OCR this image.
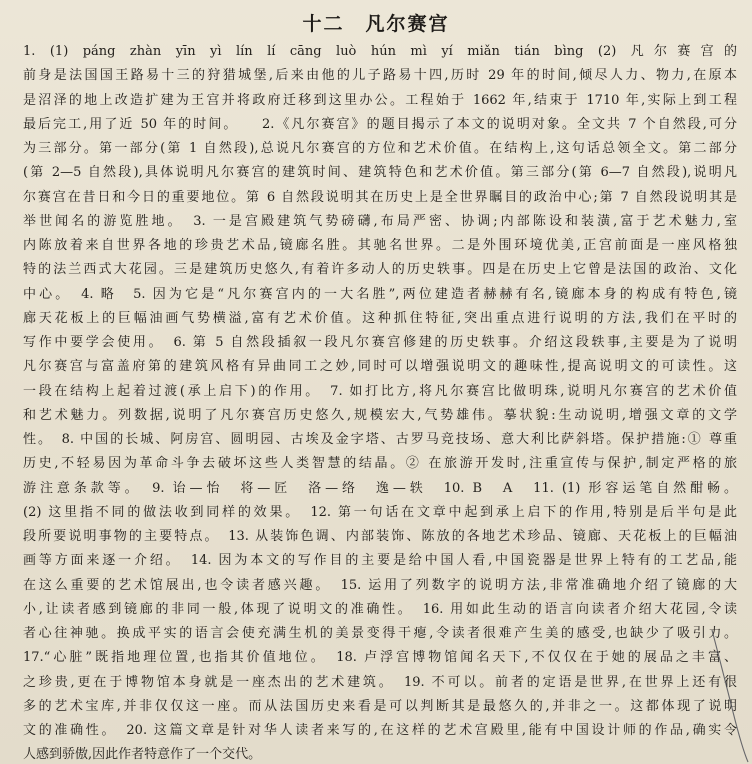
十二　凡尔赛宫
1. (1) páng zhàn yīn yì lín lí cāng luò hún mì yí miǎn tián bìng (2) 凡尔赛宫的
前身是法国国王路易十三的狩猎城堡,后来由他的儿子路易十四,历时 29 年的时间,倾尽人力、物力,在原本
是沼泽的地上改造扩建为王宫并将政府迁移到这里办公。工程始于 1662 年,结束于 1710 年,实际上到工程
最后完工,用了近 50 年的时间。　　2.《凡尔赛宫》的题目揭示了本文的说明对象。全文共 7 个自然段,可分
为三部分。第一部分(第 1 自然段),总说凡尔赛宫的方位和艺术价值。在结构上,这句话总领全文。第二部分
(第 2—5 自然段),具体说明凡尔赛宫的建筑时间、建筑特色和艺术价值。第三部分(第 6—7 自然段),说明凡
尔赛宫在昔日和今日的重要地位。第 6 自然段说明其在历史上是全世界瞩目的政治中心;第 7 自然段说明其是
举世闻名的游览胜地。　3. 一是宫殿建筑气势磅礴,布局严密、协调;内部陈设和装潢,富于艺术魅力,室
内陈放着来自世界各地的珍贵艺术品,镜廊名胜。其驰名世界。二是外围环境优美,正宫前面是一座风格独
特的法兰西式大花园。三是建筑历史悠久,有着许多动人的历史轶事。四是在历史上它曾是法国的政治、文化
中心。　4. 略　5. 因为它是“凡尔赛宫内的一大名胜”,两位建造者赫赫有名,镜廊本身的构成有特色,镜
廊天花板上的巨幅油画气势横溢,富有艺术价值。这种抓住特征,突出重点进行说明的方法,我们在平时的
写作中要学会使用。　6. 第 5 自然段插叙一段凡尔赛宫修建的历史轶事。介绍这段轶事,主要是为了说明
凡尔赛宫与富盖府第的建筑风格有异曲同工之妙,同时可以增强说明文的趣味性,提高说明文的可读性。这
一段在结构上起着过渡(承上启下)的作用。　7. 如打比方,将凡尔赛宫比做明珠,说明凡尔赛宫的艺术价值
和艺术魅力。列数据,说明了凡尔赛宫历史悠久,规模宏大,气势雄伟。摹状貌:生动说明,增强文章的文学
性。　8. 中国的长城、阿房宫、圆明园、古埃及金字塔、古罗马竞技场、意大利比萨斜塔。保护措施:① 尊重
历史,不轻易因为革命斗争去破坏这些人类智慧的结晶。② 在旅游开发时,注重宣传与保护,制定严格的旅
游注意条款等。　9. 诒—怡　将—匠　洛—络　逸—轶　10. B　A　11. (1) 形容运笔自然酣畅。
(2) 这里指不同的做法收到同样的效果。　12. 第一句话在文章中起到承上启下的作用,特别是后半句是此
段所要说明事物的主要特点。　13. 从装饰色调、内部装饰、陈放的各地艺术珍品、镜廊、天花板上的巨幅油
画等方面来逐一介绍。　14. 因为本文的写作目的主要是给中国人看,中国瓷器是世界上特有的工艺品,能
在这么重要的艺术馆展出,也令读者感兴趣。　15. 运用了列数字的说明方法,非常准确地介绍了镜廊的大
小,让读者感到镜廊的非同一般,体现了说明文的准确性。　16. 用如此生动的语言向读者介绍大花园,令读
者心往神驰。换成平实的语言会使充满生机的美景变得干瘪,令读者很难产生美的感受,也缺少了吸引力。
17.“心脏”既指地理位置,也指其价值地位。　18. 卢浮宫博物馆闻名天下,不仅仅在于她的展品之丰富、
之珍贵,更在于博物馆本身就是一座杰出的艺术建筑。　19. 不可以。前者的定语是世界,在世界上还有很
多的艺术宝库,并非仅仅这一座。而从法国历史来看是可以判断其是最悠久的,并非之一。这都体现了说明
文的准确性。　20. 这篇文章是针对华人读者来写的,在这样的艺术宫殿里,能有中国设计师的作品,确实令
人感到骄傲,因此作者特意作了一个交代。
